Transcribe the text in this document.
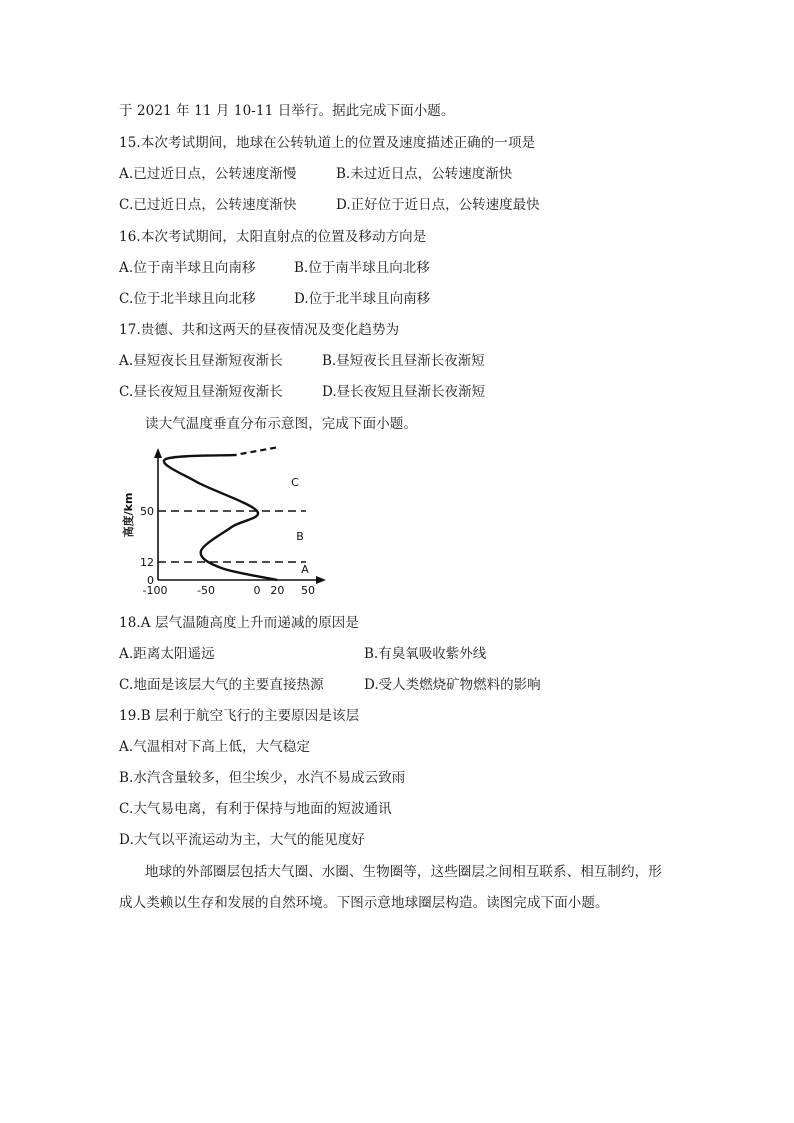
于 2021 年 11 月 10-11 日举行。据此完成下面小题。
15.本次考试期间，地球在公转轨道上的位置及速度描述正确的一项是
A.已过近日点，公转速度渐慢	B.未过近日点，公转速度渐快
C.已过近日点，公转速度渐快	D.正好位于近日点，公转速度最快
16.本次考试期间，太阳直射点的位置及移动方向是
A.位于南半球且向南移	B.位于南半球且向北移
C.位于北半球且向北移	D.位于北半球且向南移
17.贵德、共和这两天的昼夜情况及变化趋势为
A.昼短夜长且昼渐短夜渐长	B.昼短夜长且昼渐长夜渐短
C.昼长夜短且昼渐短夜渐长	D.昼长夜短且昼渐长夜渐短
读大气温度垂直分布示意图，完成下面小题。
0
12
50
-100	-50	0 20 50
高度/km
A
B
C
18.A 层气温随高度上升而递减的原因是
A.距离太阳遥远	B.有臭氧吸收紫外线
C.地面是该层大气的主要直接热源	D.受人类燃烧矿物燃料的影响
19.B 层利于航空飞行的主要原因是该层
A.气温相对下高上低，大气稳定
B.水汽含量较多，但尘埃少，水汽不易成云致雨
C.大气易电离，有利于保持与地面的短波通讯
D.大气以平流运动为主，大气的能见度好
地球的外部圈层包括大气圈、水圈、生物圈等，这些圈层之间相互联系、相互制约，形
成人类赖以生存和发展的自然环境。下图示意地球圈层构造。读图完成下面小题。
